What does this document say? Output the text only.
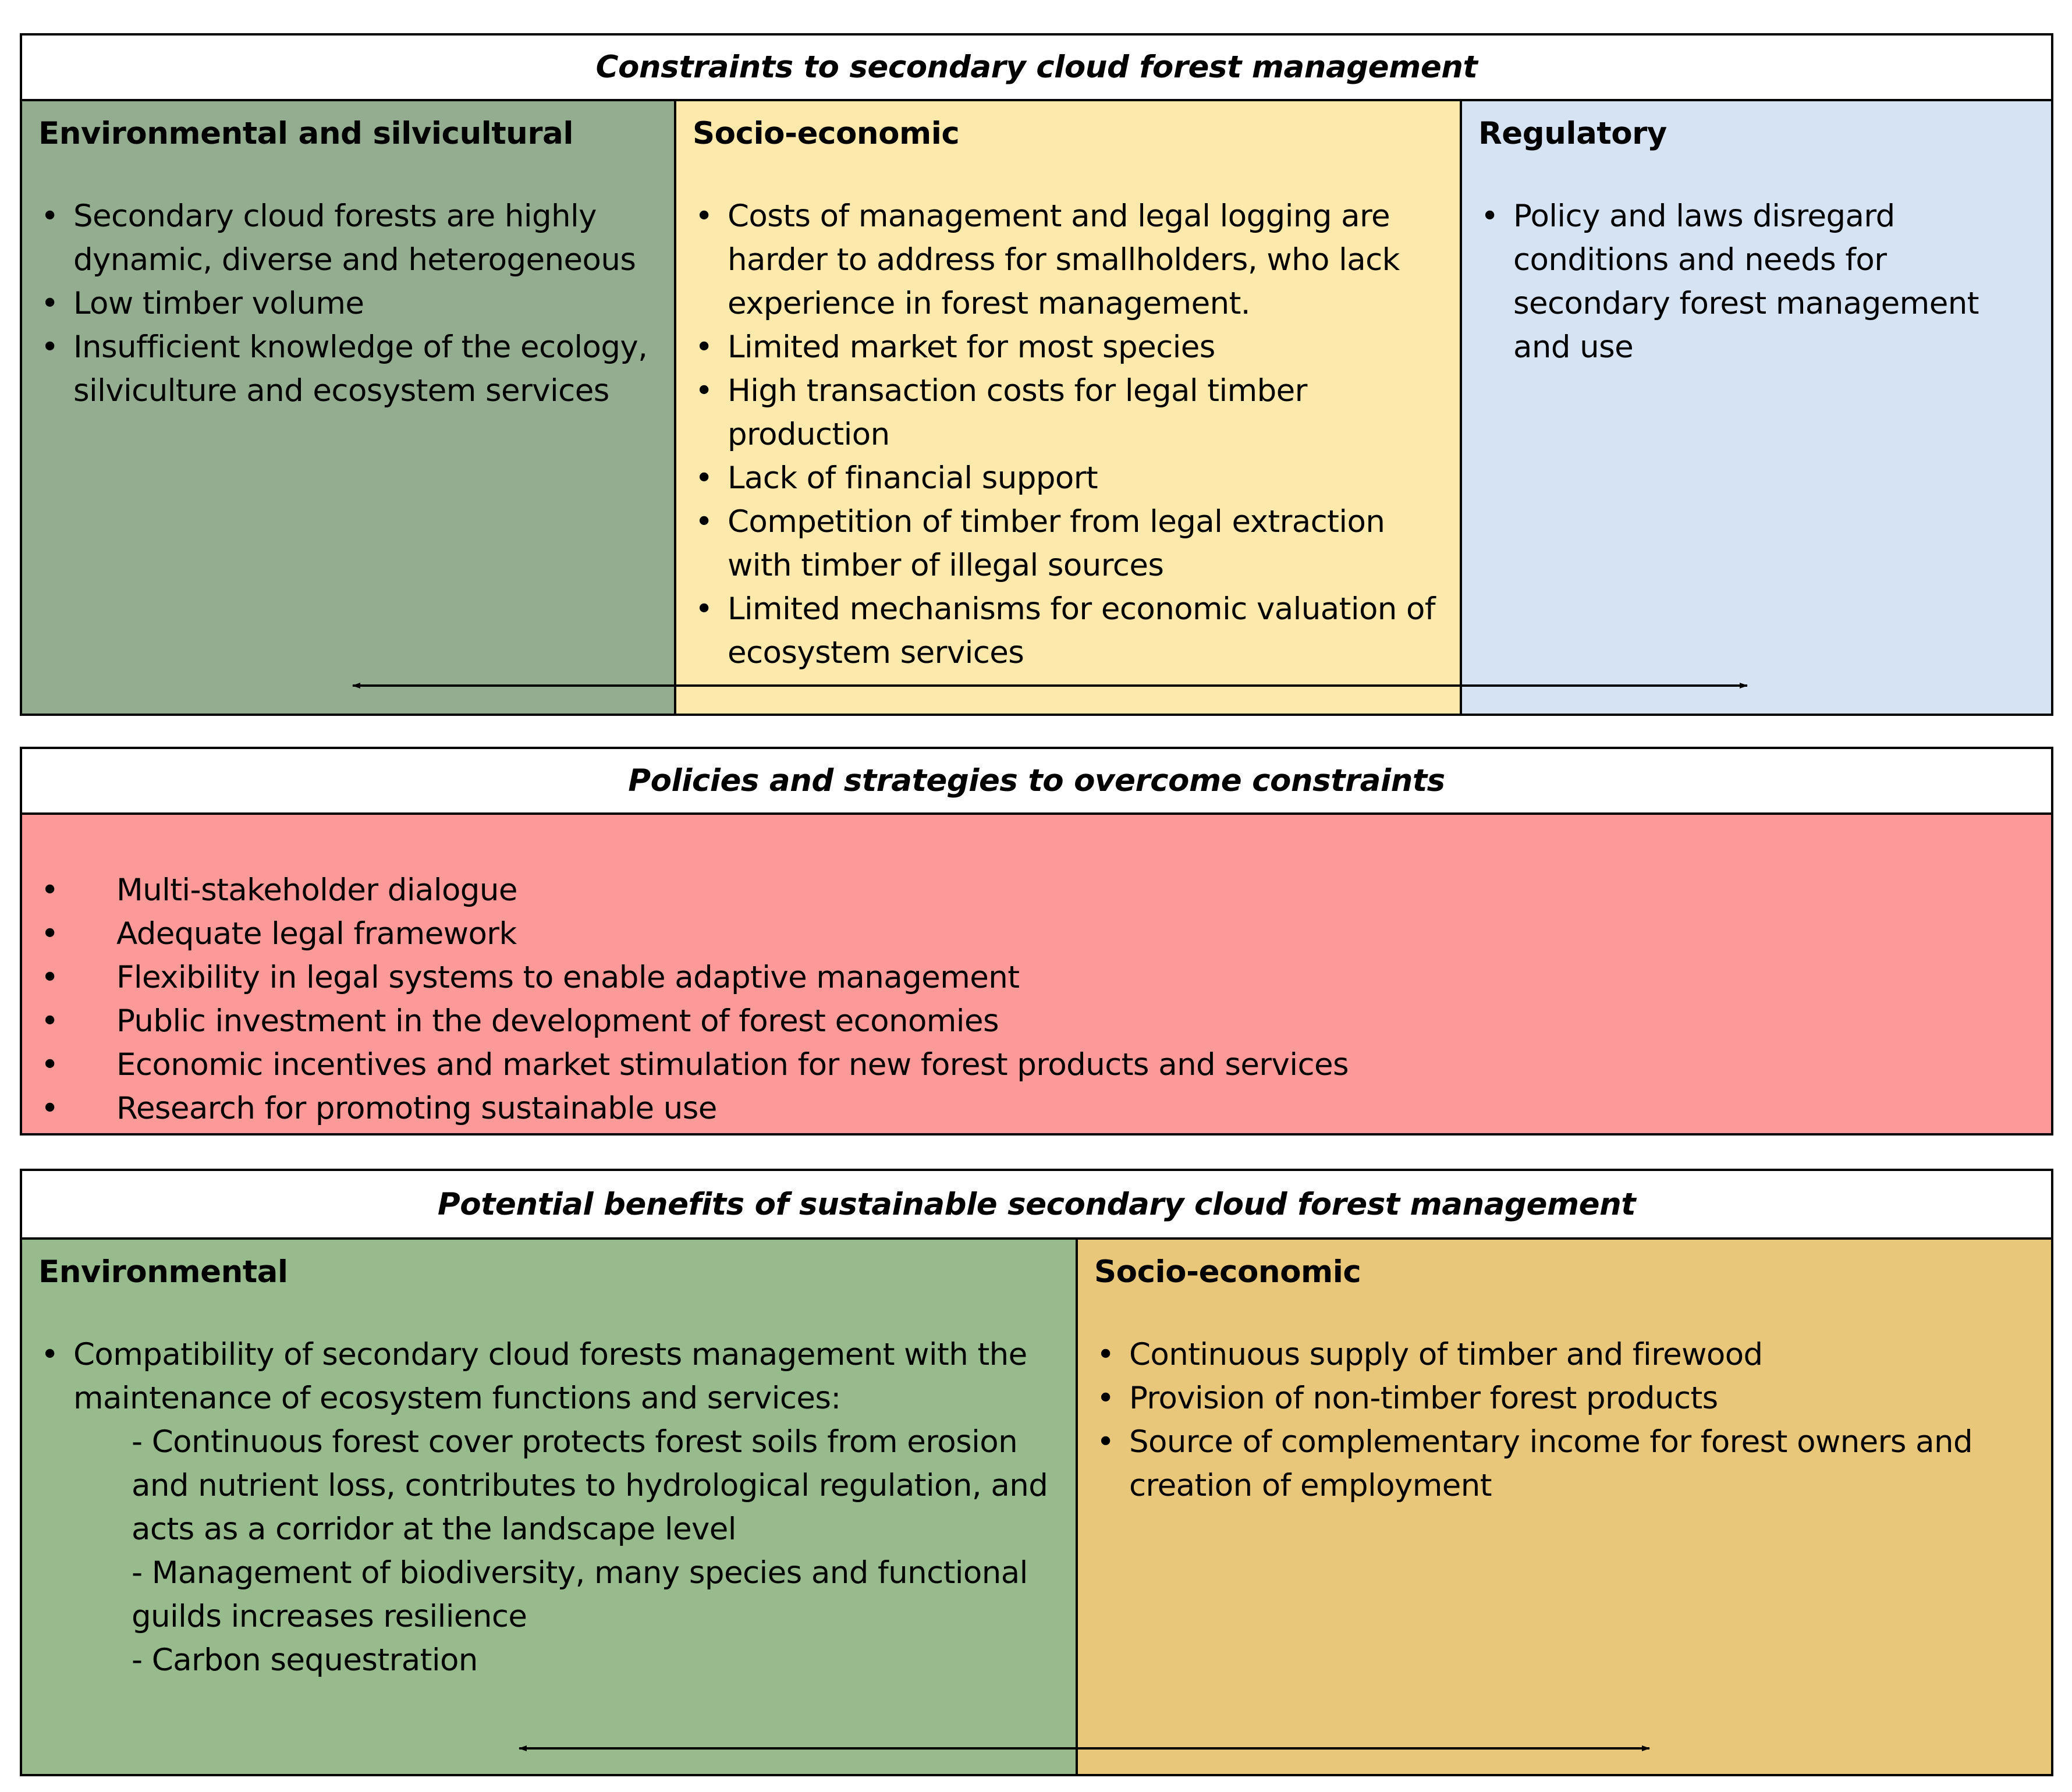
Constraints to secondary cloud forest management
Environmental and silvicultural
• Secondary cloud forests are highly dynamic, diverse and heterogeneous
• Low timber volume
• Insufficient knowledge of the ecology, silviculture and ecosystem services
Socio-economic
• Costs of management and legal logging are harder to address for smallholders, who lack experience in forest management.
• Limited market for most species
• High transaction costs for legal timber production
• Lack of financial support
• Competition of timber from legal extraction with timber of illegal sources
• Limited mechanisms for economic valuation of ecosystem services
Regulatory
• Policy and laws disregard conditions and needs for secondary forest management and use
Policies and strategies to overcome constraints
• Multi-stakeholder dialogue
• Adequate legal framework
• Flexibility in legal systems to enable adaptive management
• Public investment in the development of forest economies
• Economic incentives and market stimulation for new forest products and services
• Research for promoting sustainable use
Potential benefits of sustainable secondary cloud forest management
Environmental
• Compatibility of secondary cloud forests management with the maintenance of ecosystem functions and services:
- Continuous forest cover protects forest soils from erosion and nutrient loss, contributes to hydrological regulation, and acts as a corridor at the landscape level
- Management of biodiversity, many species and functional guilds increases resilience
- Carbon sequestration
Socio-economic
• Continuous supply of timber and firewood
• Provision of non-timber forest products
• Source of complementary income for forest owners and creation of employment
